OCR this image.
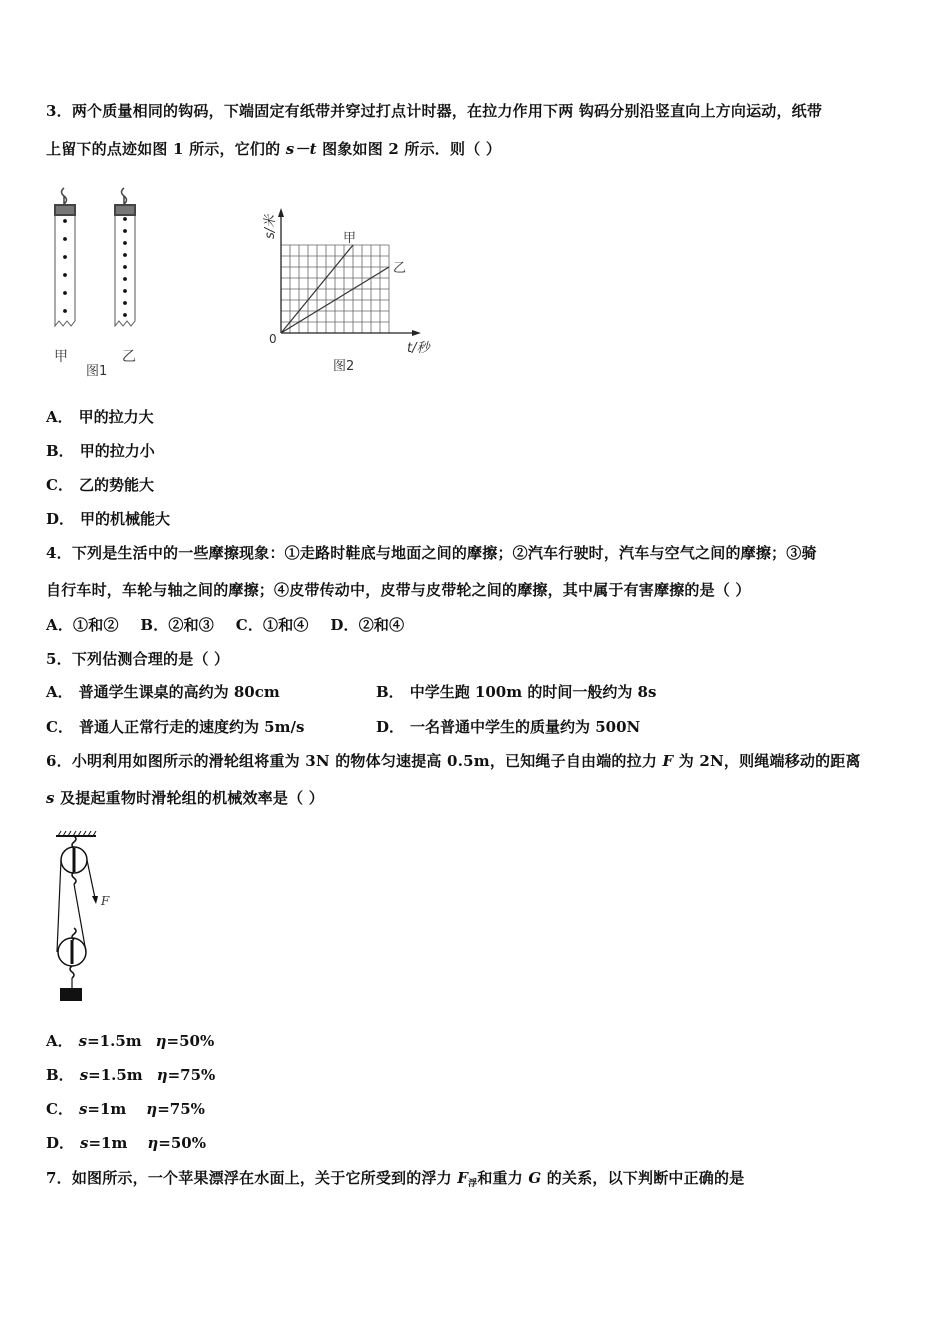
3．两个质量相同的钩码，下端固定有纸带并穿过打点计时器，在拉力作用下两 钩码分别沿竖直向上方向运动，纸带
上留下的点迹如图 1 所示，它们的 s－t 图象如图 2 所示．则（ ）
甲	乙
图1
s/米	甲
乙
0
t/秒
图2
A． 甲的拉力大
B． 甲的拉力小
C． 乙的势能大
D． 甲的机械能大
4．下列是生活中的一些摩擦现象：①走路时鞋底与地面之间的摩擦；②汽车行驶时，汽车与空气之间的摩擦；③骑
自行车时，车轮与轴之间的摩擦；④皮带传动中，皮带与皮带轮之间的摩擦，其中属于有害摩擦的是（ ）
A．①和②    B．②和③    C．①和④    D．②和④
5．下列估测合理的是（ ）
A． 普通学生课桌的高约为 80cm	B． 中学生跑 100m 的时间一般约为 8s
C． 普通人正常行走的速度约为 5m/s	D． 一名普通中学生的质量约为 500N
6．小明利用如图所示的滑轮组将重为 3N 的物体匀速提高 0.5m，已知绳子自由端的拉力 F 为 2N，则绳端移动的距离
s 及提起重物时滑轮组的机械效率是（ ）
F
A． s=1.5m η=50%
B． s=1.5m η=75%
C． s=1m η=75%
D． s=1m η=50%
7．如图所示，一个苹果漂浮在水面上，关于它所受到的浮力 $F_浮$和重力 G 的关系，以下判断中正确的是
